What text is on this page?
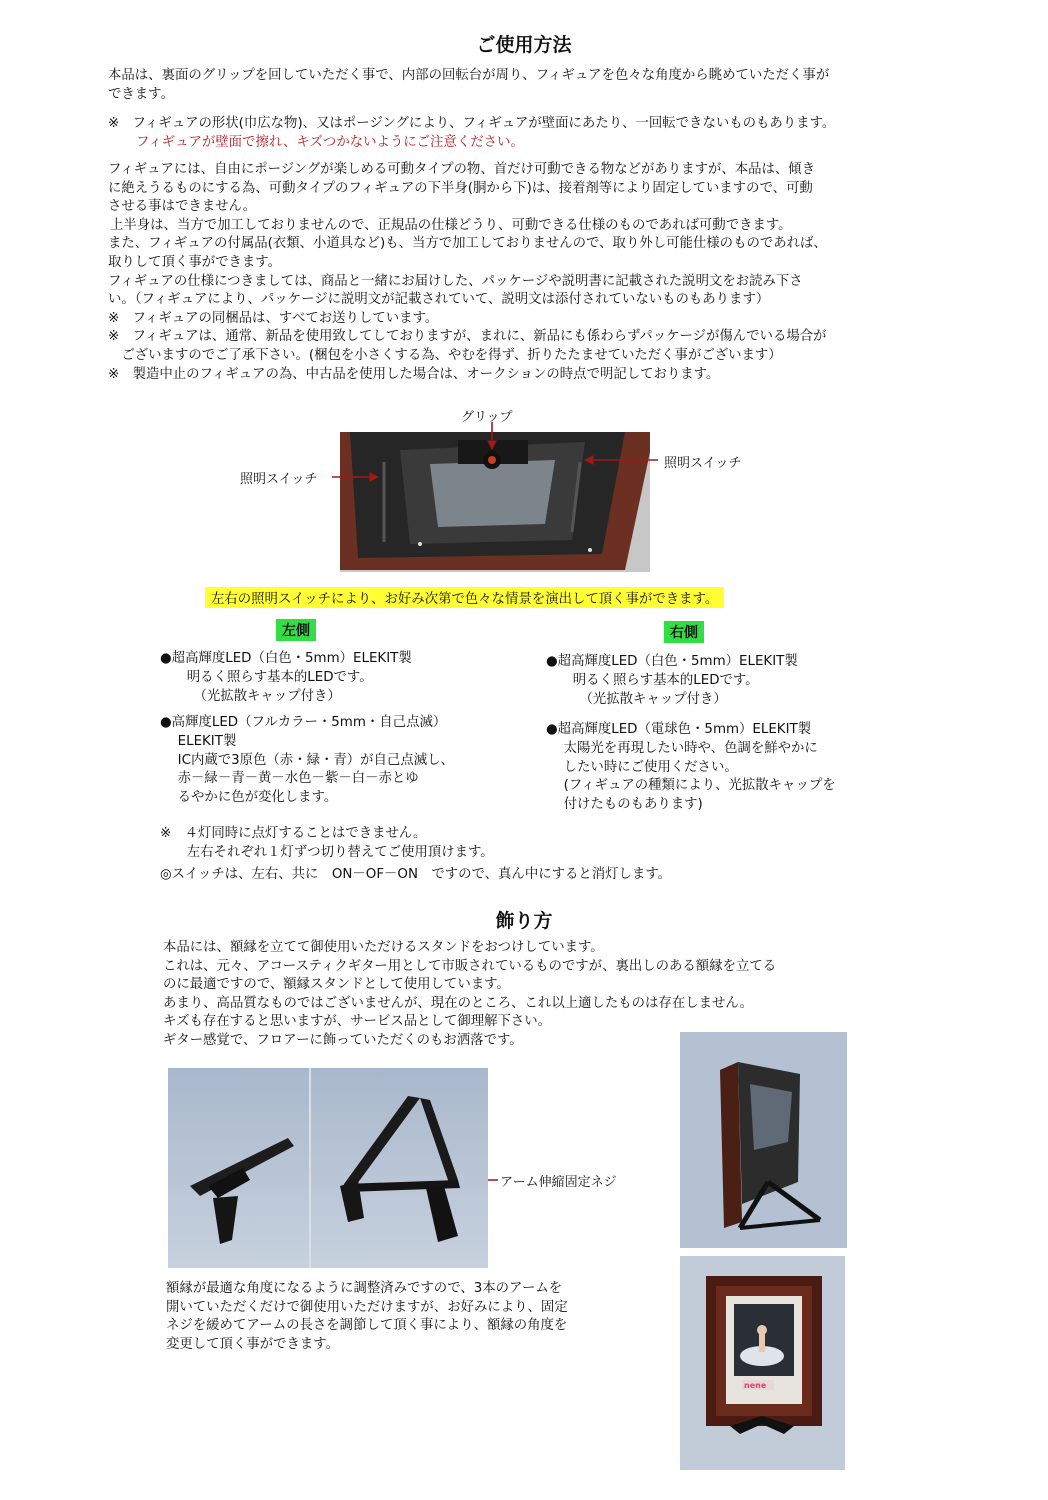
ご使用方法
本品は、裏面のグリップを回していただく事で、内部の回転台が周り、フィギュアを色々な角度から眺めていただく事が
できます。
※　フィギュアの形状(巾広な物)、又はポージングにより、フィギュアが壁面にあたり、一回転できないものもあります。
フィギュアが壁面で擦れ、キズつかないようにご注意ください。
フィギュアには、自由にポージングが楽しめる可動タイプの物、首だけ可動できる物などがありますが、本品は、傾き
に絶えうるものにする為、可動タイプのフィギュアの下半身(胴から下)は、接着剤等により固定していますので、可動
させる事はできません。
上半身は、当方で加工しておりませんので、正規品の仕様どうり、可動できる仕様のものであれば可動できます。
また、フィギュアの付属品(衣類、小道具など)も、当方で加工しておりませんので、取り外し可能仕様のものであれば、
取りして頂く事ができます。
フィギュアの仕様につきましては、商品と一緒にお届けした、パッケージや説明書に記載された説明文をお読み下さ
い。（フィギュアにより、パッケージに説明文が記載されていて、説明文は添付されていないものもあります）
※　フィギュアの同梱品は、すべてお送りしています。
※　フィギュアは、通常、新品を使用致してしておりますが、まれに、新品にも係わらずパッケージが傷んでいる場合が
　ございますのでご了承下さい。(梱包を小さくする為、やむを得ず、折りたたませていただく事がございます）
※　製造中止のフィギュアの為、中古品を使用した場合は、オークションの時点で明記しております。
グリップ
照明スイッチ
照明スイッチ
左右の照明スイッチにより、お好み次第で色々な情景を演出して頂く事ができます。
左側	右側
●超高輝度LED（白色・5mm）ELEKIT製
　　明るく照らす基本的LEDです。
　　　（光拡散キャップ付き）
●高輝度LED（フルカラー・5mm・自己点滅）
　 ELEKIT製
　 IC内蔵で3原色（赤・緑・青）が自己点滅し、
　 赤－緑－青－黄－水色－紫－白－赤とゆ
　 るやかに色が変化します。
●超高輝度LED（白色・5mm）ELEKIT製
　　明るく照らす基本的LEDです。
　　　（光拡散キャップ付き）
●超高輝度LED（電球色・5mm）ELEKIT製
　 太陽光を再現したい時や、色調を鮮やかに
　 したい時にご使用ください。
　 (フィギュアの種類により、光拡散キャップを
　 付けたものもあります)
※　４灯同時に点灯することはできません。
　　左右それぞれ１灯ずつ切り替えてご使用頂けます。
◎スイッチは、左右、共に　ON－OF－ON　ですので、真ん中にすると消灯します。
飾り方
本品には、額縁を立てて御使用いただけるスタンドをおつけしています。
これは、元々、アコースティクギター用として市販されているものですが、裏出しのある額縁を立てる
のに最適ですので、額縁スタンドとして使用しています。
あまり、高品質なものではございませんが、現在のところ、これ以上適したものは存在しません。
キズも存在すると思いますが、サービス品として御理解下さい。
ギター感覚で、フロアーに飾っていただくのもお洒落です。
アーム伸縮固定ネジ
額縁が最適な角度になるように調整済みですので、3本のアームを
開いていただくだけで御使用いただけますが、お好みにより、固定
ネジを緩めてアームの長さを調節して頂く事により、額縁の角度を
変更して頂く事ができます。
nene
